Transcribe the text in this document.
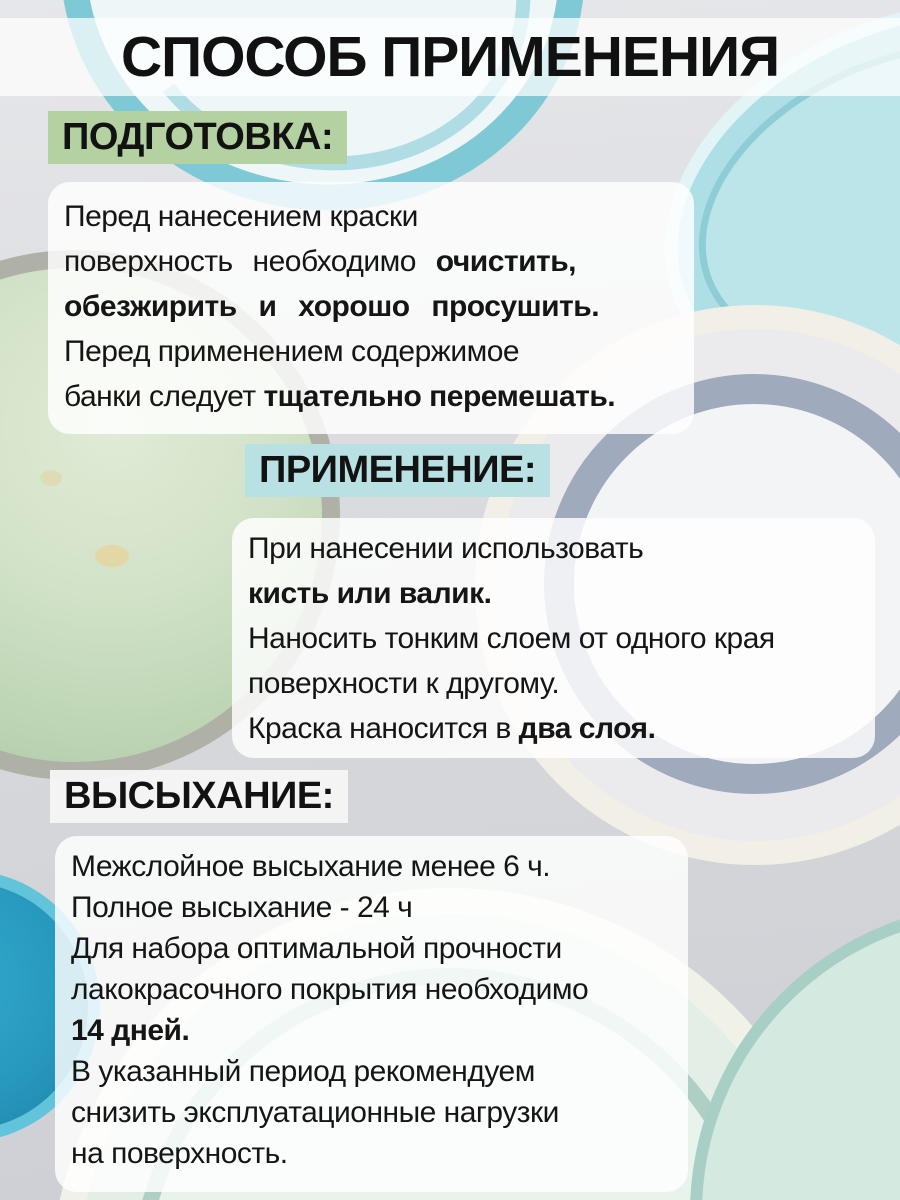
СПОСОБ ПРИМЕНЕНИЯ
ПОДГОТОВКА:
Перед нанесением краски
поверхность необходимо очистить,
обезжирить и хорошо просушить.
Перед применением содержимое
банки следует тщательно перемешать.
ПРИМЕНЕНИЕ:
При нанесении использовать
кисть или валик.
Наносить тонким слоем от одного края
поверхности к другому.
Краска наносится в два слоя.
ВЫСЫХАНИЕ:
Межслойное высыхание менее 6 ч.
Полное высыхание - 24 ч
Для набора оптимальной прочности
лакокрасочного покрытия необходимо
14 дней.
В указанный период рекомендуем
снизить эксплуатационные нагрузки
на поверхность.
